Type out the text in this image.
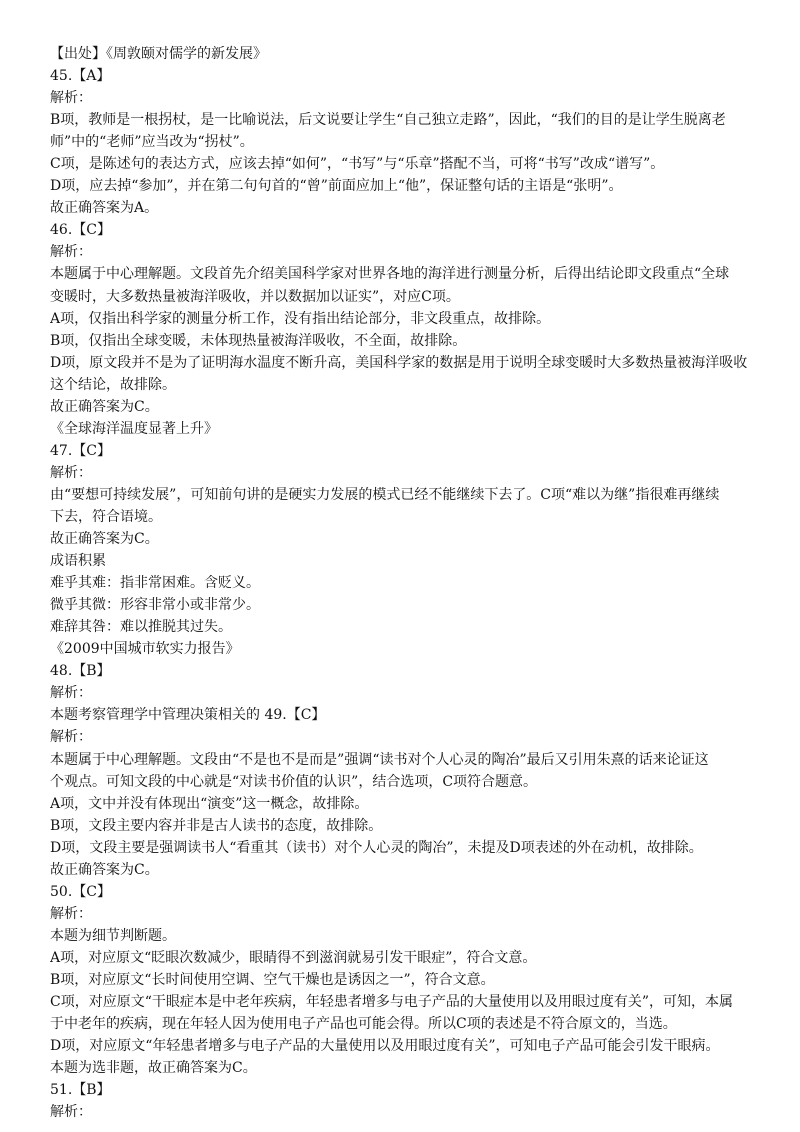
【出处】《周敦颐对儒学的新发展》
45.【A】
解析：
B项，教师是一根拐杖，是一比喻说法，后文说要让学生“自己独立走路”，因此，“我们的目的是让学生脱离老
师”中的“老师”应当改为“拐杖”。
C项，是陈述句的表达方式，应该去掉“如何”，“书写”与“乐章”搭配不当，可将“书写”改成“谱写”。
D项，应去掉“参加”，并在第二句句首的“曾”前面应加上“他”，保证整句话的主语是“张明”。
故正确答案为A。
46.【C】
解析：
本题属于中心理解题。文段首先介绍美国科学家对世界各地的海洋进行测量分析，后得出结论即文段重点“全球
变暖时，大多数热量被海洋吸收，并以数据加以证实”，对应C项。
A项，仅指出科学家的测量分析工作，没有指出结论部分，非文段重点，故排除。
B项，仅指出全球变暖，未体现热量被海洋吸收，不全面，故排除。
D项，原文段并不是为了证明海水温度不断升高，美国科学家的数据是用于说明全球变暖时大多数热量被海洋吸收
这个结论，故排除。
故正确答案为C。
《全球海洋温度显著上升》
47.【C】
解析：
由“要想可持续发展”，可知前句讲的是硬实力发展的模式已经不能继续下去了。C项“难以为继”指很难再继续
下去，符合语境。
故正确答案为C。
成语积累
难乎其难：指非常困难。含贬义。
微乎其微：形容非常小或非常少。
难辞其咎：难以推脱其过失。
《2009中国城市软实力报告》
48.【B】
解析：
本题考察管理学中管理决策相关的 49.【C】
解析：
本题属于中心理解题。文段由“不是也不是而是”强调“读书对个人心灵的陶冶”最后又引用朱熹的话来论证这
个观点。可知文段的中心就是“对读书价值的认识”，结合选项，C项符合题意。
A项，文中并没有体现出“演变”这一概念，故排除。
B项，文段主要内容并非是古人读书的态度，故排除。
D项，文段主要是强调读书人“看重其（读书）对个人心灵的陶冶”，未提及D项表述的外在动机，故排除。
故正确答案为C。
50.【C】
解析：
本题为细节判断题。
A项，对应原文“眨眼次数减少，眼睛得不到滋润就易引发干眼症”，符合文意。
B项，对应原文“长时间使用空调、空气干燥也是诱因之一”，符合文意。
C项，对应原文“干眼症本是中老年疾病，年轻患者增多与电子产品的大量使用以及用眼过度有关”，可知，本属
于中老年的疾病，现在年轻人因为使用电子产品也可能会得。所以C项的表述是不符合原文的，当选。
D项，对应原文“年轻患者增多与电子产品的大量使用以及用眼过度有关”，可知电子产品可能会引发干眼病。
本题为选非题，故正确答案为C。
51.【B】
解析：
